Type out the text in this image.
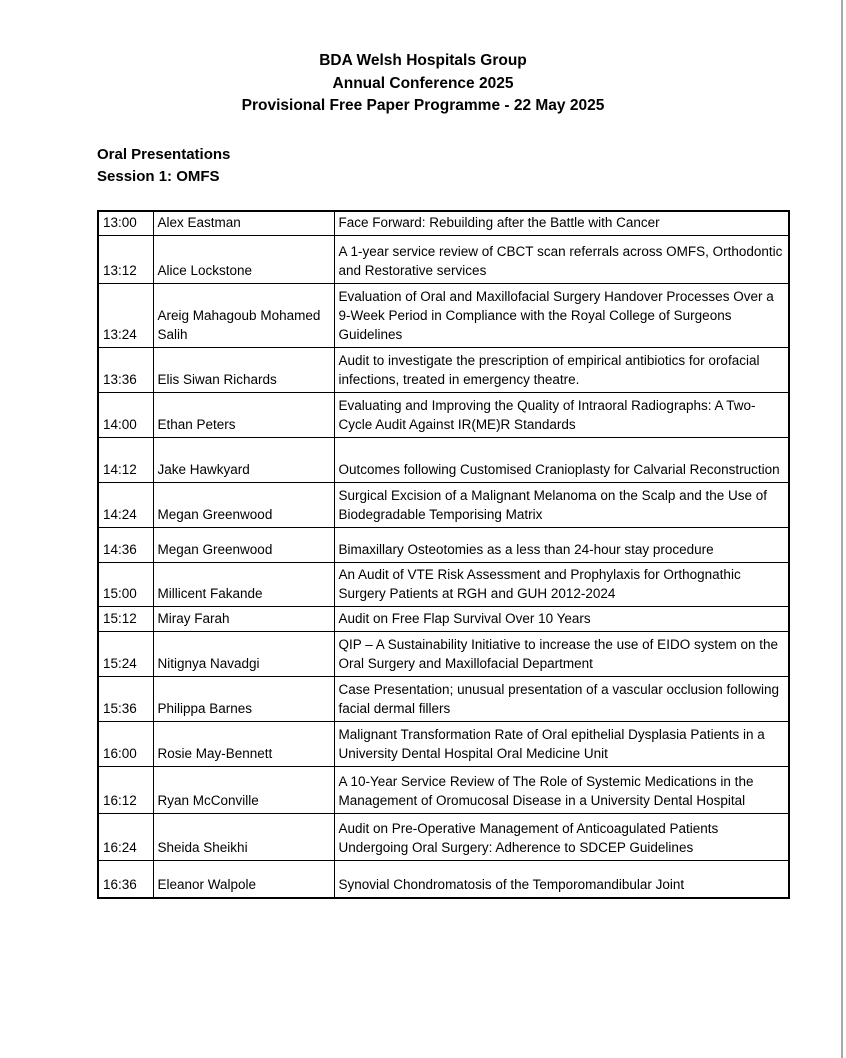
BDA Welsh Hospitals Group
Annual Conference 2025
Provisional Free Paper Programme - 22 May 2025
Oral Presentations
Session 1: OMFS
13:00	Alex Eastman	Face Forward: Rebuilding after the Battle with Cancer
13:12	Alice Lockstone	A 1-year service review of CBCT scan referrals across OMFS, Orthodontic and Restorative services
13:24	Areig Mahagoub Mohamed Salih	Evaluation of Oral and Maxillofacial Surgery Handover Processes Over a 9-Week Period in Compliance with the Royal College of Surgeons Guidelines
13:36	Elis Siwan Richards	Audit to investigate the prescription of empirical antibiotics for orofacial infections, treated in emergency theatre.
14:00	Ethan Peters	Evaluating and Improving the Quality of Intraoral Radiographs: A Two-Cycle Audit Against IR(ME)R Standards
14:12	Jake Hawkyard	Outcomes following Customised Cranioplasty for Calvarial Reconstruction
14:24	Megan Greenwood	Surgical Excision of a Malignant Melanoma on the Scalp and the Use of Biodegradable Temporising Matrix
14:36	Megan Greenwood	Bimaxillary Osteotomies as a less than 24-hour stay procedure
15:00	Millicent Fakande	An Audit of VTE Risk Assessment and Prophylaxis for Orthognathic Surgery Patients at RGH and GUH 2012-2024
15:12	Miray Farah	Audit on Free Flap Survival Over 10 Years
15:24	Nitignya Navadgi	QIP – A Sustainability Initiative to increase the use of EIDO system on the Oral Surgery and Maxillofacial Department
15:36	Philippa Barnes	Case Presentation; unusual presentation of a vascular occlusion following facial dermal fillers
16:00	Rosie May-Bennett	Malignant Transformation Rate of Oral epithelial Dysplasia Patients in a University Dental Hospital Oral Medicine Unit
16:12	Ryan McConville	A 10-Year Service Review of The Role of Systemic Medications in the Management of Oromucosal Disease in a University Dental Hospital
16:24	Sheida Sheikhi	Audit on Pre-Operative Management of Anticoagulated Patients Undergoing Oral Surgery: Adherence to SDCEP Guidelines
16:36	Eleanor Walpole	Synovial Chondromatosis of the Temporomandibular Joint
